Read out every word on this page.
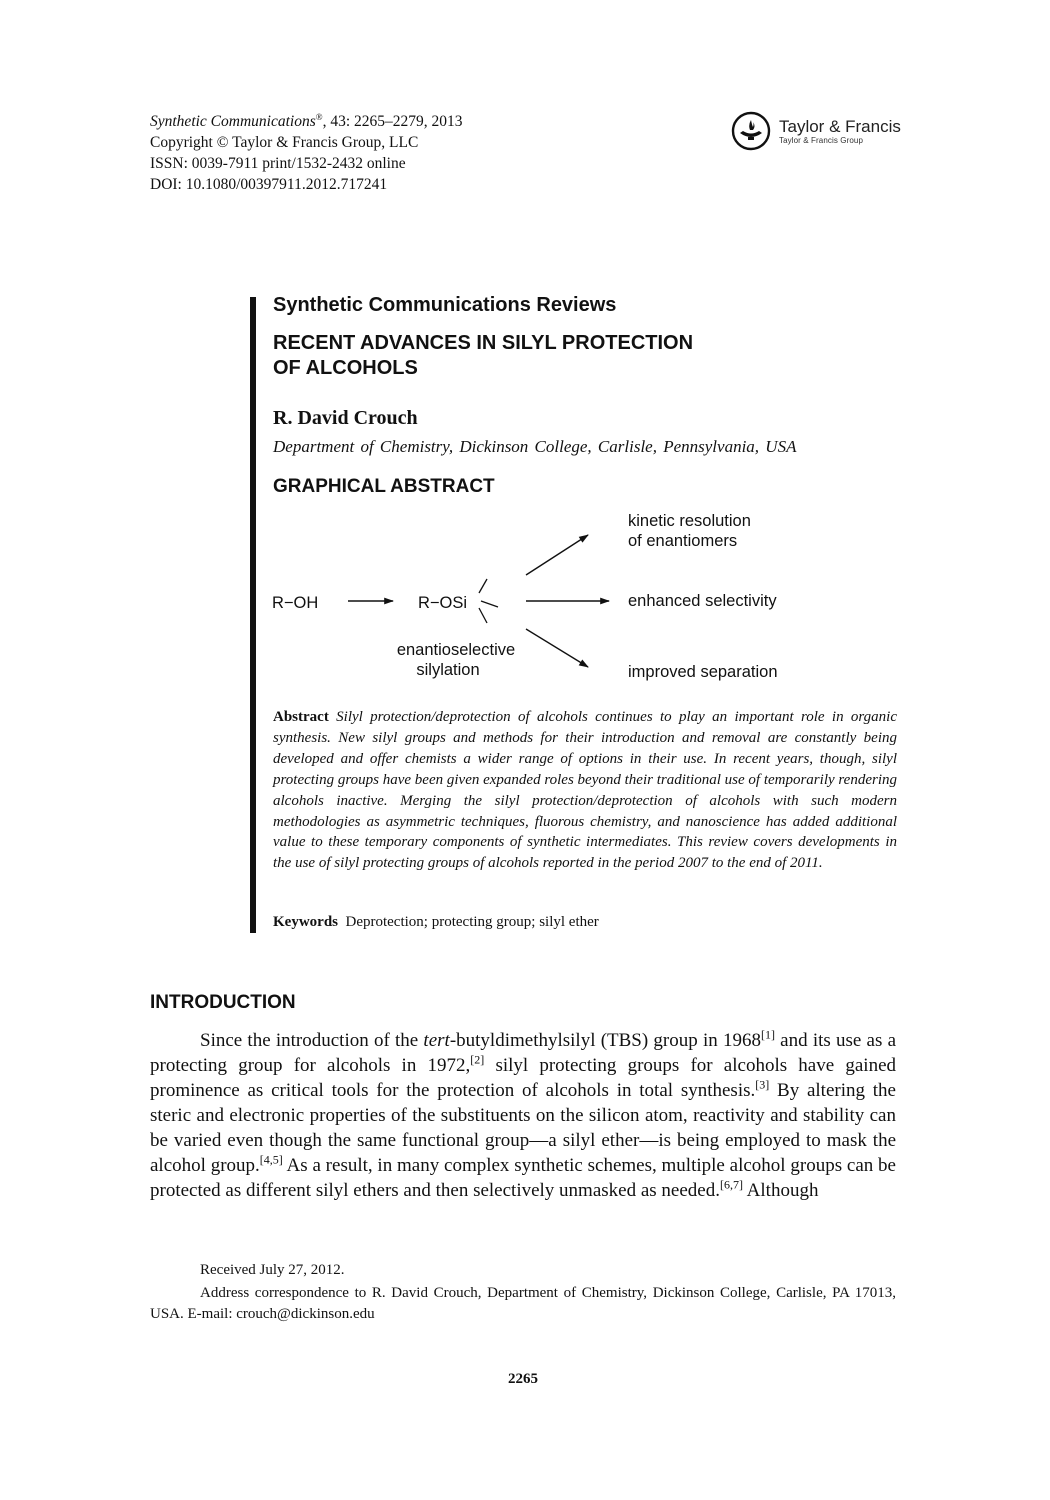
Synthetic Communications®, 43: 2265–2279, 2013
Copyright © Taylor & Francis Group, LLC
ISSN: 0039-7911 print/1532-2432 online
DOI: 10.1080/00397911.2012.717241
Taylor & Francis
Taylor & Francis Group
Synthetic Communications Reviews
RECENT ADVANCES IN SILYL PROTECTION
OF ALCOHOLS
R. David Crouch
Department of Chemistry, Dickinson College, Carlisle, Pennsylvania, USA
GRAPHICAL ABSTRACT
R−OH	R−OSi
enantioselective
silylation
kinetic resolution
of enantiomers
enhanced selectivity
improved separation
Abstract Silyl protection/deprotection of alcohols continues to play an important role in organic synthesis. New silyl groups and methods for their introduction and removal are constantly being developed and offer chemists a wider range of options in their use. In recent years, though, silyl protecting groups have been given expanded roles beyond their traditional use of temporarily rendering alcohols inactive. Merging the silyl protection/deprotection of alcohols with such modern methodologies as asymmetric techniques, fluorous chemistry, and nanoscience has added additional value to these temporary components of synthetic intermediates. This review covers developments in the use of silyl protecting groups of alcohols reported in the period 2007 to the end of 2011.
Keywords Deprotection; protecting group; silyl ether
INTRODUCTION

Since the introduction of the tert-butyldimethylsilyl (TBS) group in 1968[1] and its use as a protecting group for alcohols in 1972,[2] silyl protecting groups for alcohols have gained prominence as critical tools for the protection of alcohols in total synthesis.[3] By altering the steric and electronic properties of the substituents on the silicon atom, reactivity and stability can be varied even though the same functional group—a silyl ether—is being employed to mask the alcohol group.[4,5] As a result, in many complex synthetic schemes, multiple alcohol groups can be protected as different silyl ethers and then selectively unmasked as needed.[6,7] Although

Received July 27, 2012.
Address correspondence to R. David Crouch, Department of Chemistry, Dickinson College, Carlisle, PA 17013, USA. E-mail: crouch@dickinson.edu
2265
